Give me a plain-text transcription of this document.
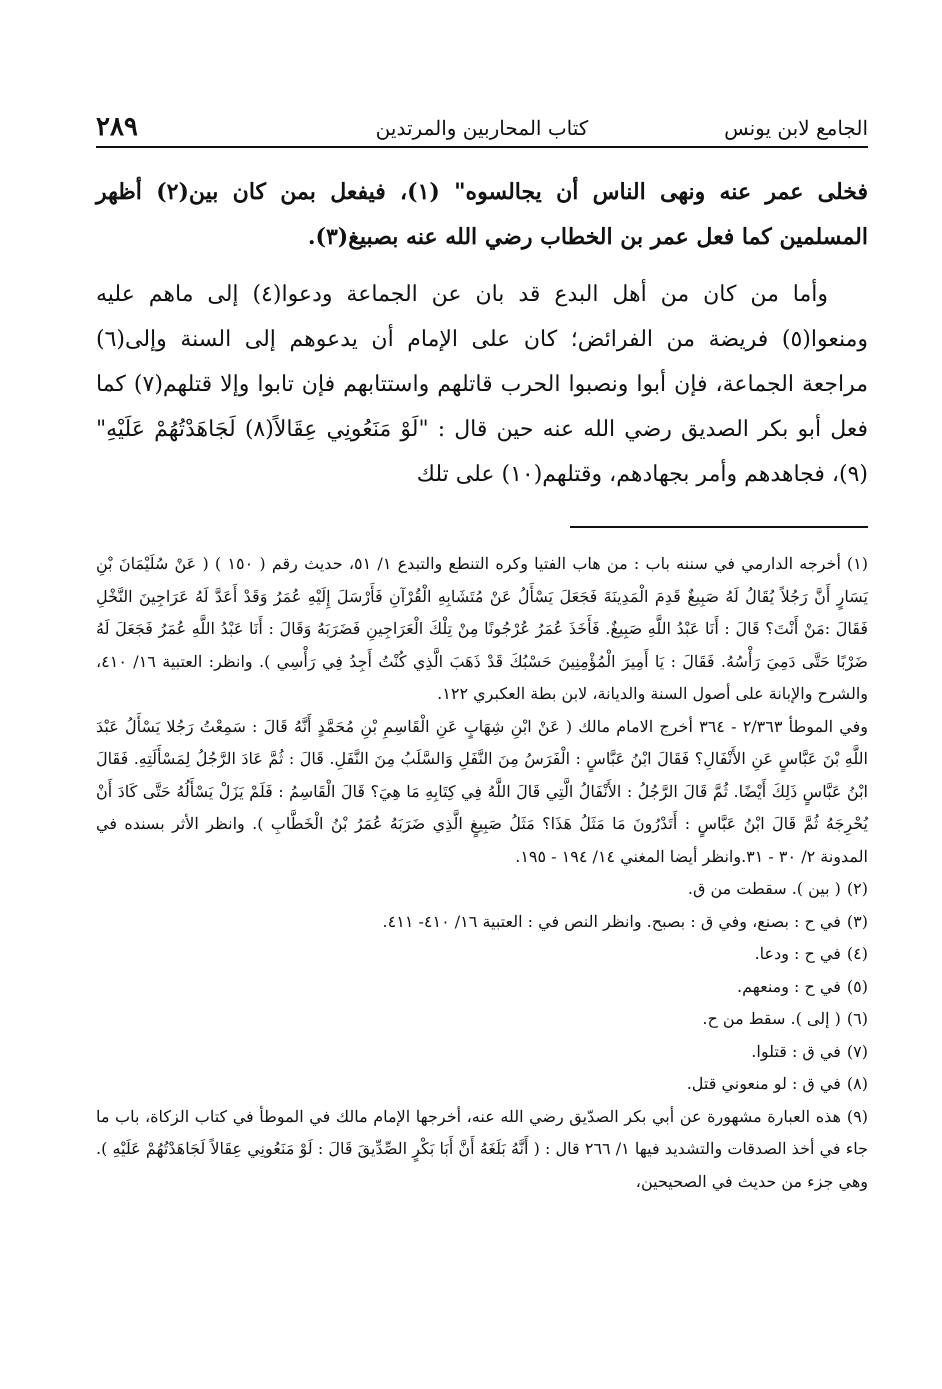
الجامع لابن يونس
كتاب المحاربين والمرتدين
٢٨٩

فخلى عمر عنه ونهى الناس أن يجالسوه" (١)، فيفعل بمن كان بين(٢) أظهر المسلمين كما فعل عمر بن الخطاب رضي الله عنه بصبيغ(٣).

وأما من كان من أهل البدع قد بان عن الجماعة ودعوا(٤) إلى ماهم عليه ومنعوا(٥) فريضة من الفرائض؛ كان على الإمام أن يدعوهم إلى السنة وإلى(٦) مراجعة الجماعة، فإن أبوا ونصبوا الحرب قاتلهم واستتابهم فإن تابوا وإلا قتلهم(٧) كما فعل أبو بكر الصديق رضي الله عنه حين قال : "لَوْ مَنَعُونِي عِقَالاً(٨) لَجَاهَدْتُهُمْ عَلَيْهِ" (٩)، فجاهدهم وأمر بجهادهم، وقتلهم(١٠) على تلك

(١)أخرجه الدارمي في سننه باب : من هاب الفتيا وكره التنطع والتبدع ١/ ٥١، حديث رقم ( ١٥٠ ) ( عَنْ سُلَيْمَانَ بْنِ يَسَارٍ أَنَّ رَجُلاً يُقَالُ لَهُ صَبِيغٌ قَدِمَ الْمَدِينَةَ فَجَعَلَ يَسْأَلُ عَنْ مُتَشَابِهِ الْقُرْآنِ فَأَرْسَلَ إِلَيْهِ عُمَرُ وَقَدْ أَعَدَّ لَهُ عَرَاجِينَ النَّخْلِ فَقَالَ :مَنْ أَنْتَ؟ قَالَ : أَنَا عَبْدُ اللَّهِ صَبِيغٌ. فَأَخَذَ عُمَرُ عُرْجُونًا مِنْ تِلْكَ الْعَرَاجِينِ فَضَرَبَهُ وَقَالَ : أَنَا عَبْدُ اللَّهِ عُمَرُ فَجَعَلَ لَهُ ضَرْبًا حَتَّى دَمِيَ رَأْسُهُ. فَقَالَ : يَا أَمِيرَ الْمُؤْمِنِينَ حَسْبُكَ قَدْ ذَهَبَ الَّذِي كُنْتُ أَجِدُ فِي رَأْسِي ). وانظر: العتبية ١٦/ ٤١٠، والشرح والإبانة على أصول السنة والديانة، لابن بطة العكبري ١٢٢.
وفي الموطأ ٢/٣٦٣ - ٣٦٤ أخرج الامام مالك ( عَنْ ابْنِ شِهَابٍ عَنِ الْقَاسِمِ بْنِ مُحَمَّدٍ أَنَّهُ قَالَ : سَمِعْتُ رَجُلا يَسْأَلُ عَبْدَ اللَّهِ بْنَ عَبَّاسٍ عَنِ الأَنْفَالِ؟ فَقَالَ ابْنُ عَبَّاسٍ : الْفَرَسُ مِنَ النَّفَلِ وَالسَّلَبُ مِنَ النَّفَلِ. قَالَ : ثُمَّ عَادَ الرَّجُلُ لِمَسْأَلَتِهِ. فَقَالَ ابْنُ عَبَّاسٍ ذَلِكَ أَيْضًا. ثُمَّ قَالَ الرَّجُلُ : الأَنْفَالُ الَّتِي قَالَ اللَّهُ فِي كِتَابِهِ مَا هِيَ؟ قَالَ الْقَاسِمُ : فَلَمْ يَزَلْ يَسْأَلُهُ حَتَّى كَادَ أَنْ يُحْرِجَهُ ثُمَّ قَالَ ابْنُ عَبَّاسٍ : أَتَدْرُونَ مَا مَثَلُ هَذَا؟ مَثَلُ صَبِيغٍ الَّذِي ضَرَبَهُ عُمَرُ بْنُ الْخَطَّابِ ). وانظر الأثر بسنده في المدونة ٢/ ٣٠ - ٣١.وانظر أيضا المغني ١٤/ ١٩٤ - ١٩٥.
(٢)( بين ). سقطت من ق.
(٣)في ح : بصنع، وفي ق : بصبح. وانظر النص في : العتبية ١٦/ ٤١٠- ٤١١.
(٤)في ح : ودعا.
(٥)في ح : ومنعهم.
(٦)( إلى ). سقط من ح.
(٧)في ق : قتلوا.
(٨)في ق : لو منعوني قتل.
(٩)هذه العبارة مشهورة عن أبي بكر الصدّيق رضي الله عنه، أخرجها الإمام مالك في الموطأ في كتاب الزكاة، باب ما جاء في أخذ الصدقات والتشديد فيها ١/ ٢٦٦ قال : ( أَنَّهُ بَلَغَهُ أَنَّ أَبَا بَكْرٍ الصِّدِّيقَ قَالَ : لَوْ مَنَعُونِي عِقَالاً لَجَاهَدْتُهُمْ عَلَيْهِ ). وهي جزء من حديث في الصحيحين،
